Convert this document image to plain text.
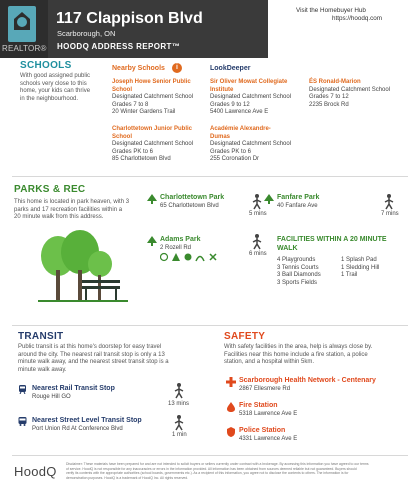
REALTOR®
117 Clappison Blvd
Scarborough, ON
HOODQ ADDRESS REPORT™
Visit the Homebuyer Hub
https://hoodq.com
SCHOOLS
With good assigned public
schools very close to this
home, your kids can thrive
in the neighbourhood.
Nearby Schools	i	LookDeeper
Joseph Howe Senior Public
School
Designated Catchment School
Grades 7 to 8
20 Winter Gardens Trail
Charlottetown Junior Public
School
Designated Catchment School
Grades PK to 6
85 Charlottetown Blvd
Sir Oliver Mowat Collegiate
Institute
Designated Catchment School
Grades 9 to 12
5400 Lawrence Ave E
Académie Alexandre-
Dumas
Designated Catchment School
Grades PK to 6
255 Coronation Dr
ÉS Ronald-Marion
Designated Catchment School
Grades 7 to 12
2235 Brock Rd
PARKS & REC
This home is located in park heaven, with 3
parks and 17 recreation facilities within a
20 minute walk from this address.
Charlottetown Park
65 Charlottetown Blvd
5 mins
Fanfare Park
40 Fanfare Ave
7 mins
Adams Park
2 Rozell Rd
6 mins
FACILITIES WITHIN A 20 MINUTE
WALK
4 Playgrounds
3 Tennis Courts
3 Ball Diamonds
3 Sports Fields
1 Splash Pad
1 Sledding Hill
1 Trail
TRANSIT
Public transit is at this home's doorstep for easy travel
around the city. The nearest rail transit stop is only a 13
minute walk away, and the nearest street transit stop is a
minute walk away.
Nearest Rail Transit Stop
Rouge Hill GO
13 mins
Nearest Street Level Transit Stop
Port Union Rd At Conference Blvd
1 min
SAFETY
With safety facilities in the area, help is always close by.
Facilities near this home include a fire station, a police
station, and a hospital within 5km.
Scarborough Health Network - Centenary
2867 Ellesmere Rd
Fire Station
5318 Lawrence Ave E
Police Station
4331 Lawrence Ave E
HoodQ	Disclaimer: These materials have been prepared for and are not intended to solicit buyers or sellers currently under contract with a brokerage. By accessing this information you have agreed to our terms
of service. HoodQ is not responsible for any inaccuracies or errors in the information provided. All information has been obtained from sources deemed reliable but not guaranteed. Buyers should
verify its contents with the appropriate authorities (school boards, governments etc.). As a recipient of this information, you agree not to disclose the contents to others. The information is for
demonstration purposes. HoodQ is a trademark of HoodQ Inc. All rights reserved.
